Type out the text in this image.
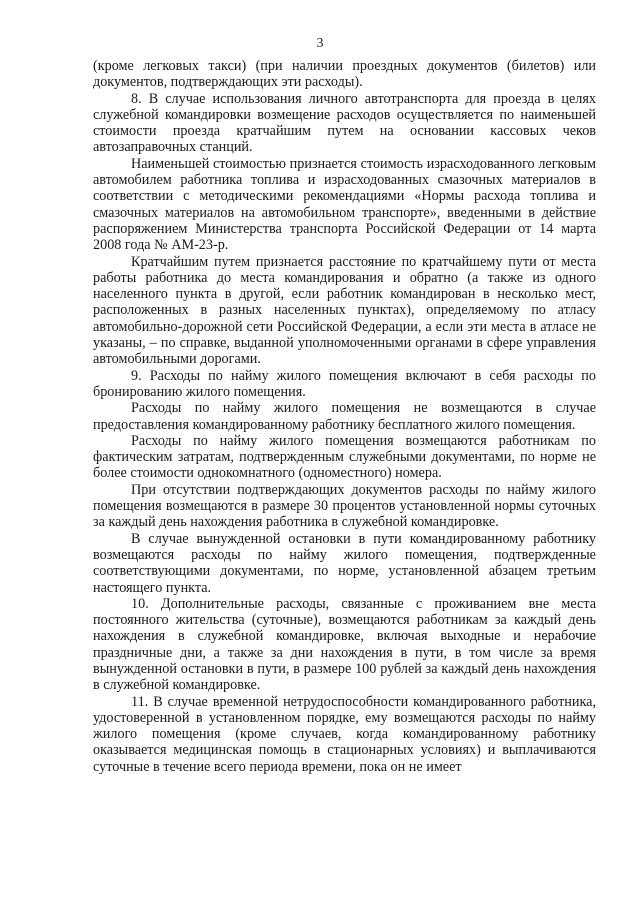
3

(кроме легковых такси) (при наличии проездных документов (билетов) или документов, подтверждающих эти расходы).

8. В случае использования личного автотранспорта для проезда в целях служебной командировки возмещение расходов осуществляется по наименьшей стоимости проезда кратчайшим путем на основании кассовых чеков автозаправочных станций.

Наименьшей стоимостью признается стоимость израсходованного легковым автомобилем работника топлива и израсходованных смазочных материалов в соответствии с методическими рекомендациями «Нормы расхода топлива и смазочных материалов на автомобильном транспорте», введенными в действие распоряжением Министерства транспорта Российской Федерации от 14 марта 2008 года № АМ-23-р.

Кратчайшим путем признается расстояние по кратчайшему пути от места работы работника до места командирования и обратно (а также из одного населенного пункта в другой, если работник командирован в несколько мест, расположенных в разных населенных пунктах), определяемому по атласу автомобильно-дорожной сети Российской Федерации, а если эти места в атласе не указаны, – по справке, выданной уполномоченными органами в сфере управления автомобильными дорогами.

9. Расходы по найму жилого помещения включают в себя расходы по бронированию жилого помещения.

Расходы по найму жилого помещения не возмещаются в случае предоставления командированному работнику бесплатного жилого помещения.

Расходы по найму жилого помещения возмещаются работникам по фактическим затратам, подтвержденным служебными документами, по норме не более стоимости однокомнатного (одноместного) номера.

При отсутствии подтверждающих документов расходы по найму жилого помещения возмещаются в размере 30 процентов установленной нормы суточных за каждый день нахождения работника в служебной командировке.

В случае вынужденной остановки в пути командированному работнику возмещаются расходы по найму жилого помещения, подтвержденные соответствующими документами, по норме, установленной абзацем третьим настоящего пункта.

10. Дополнительные расходы, связанные с проживанием вне места постоянного жительства (суточные), возмещаются работникам за каждый день нахождения в служебной командировке, включая выходные и нерабочие праздничные дни, а также за дни нахождения в пути, в том числе за время вынужденной остановки в пути, в размере 100 рублей за каждый день нахождения в служебной командировке.

11. В случае временной нетрудоспособности командированного работника, удостоверенной в установленном порядке, ему возмещаются расходы по найму жилого помещения (кроме случаев, когда командированному работнику оказывается медицинская помощь в стационарных условиях) и выплачиваются суточные в течение всего периода времени, пока он не имеет
